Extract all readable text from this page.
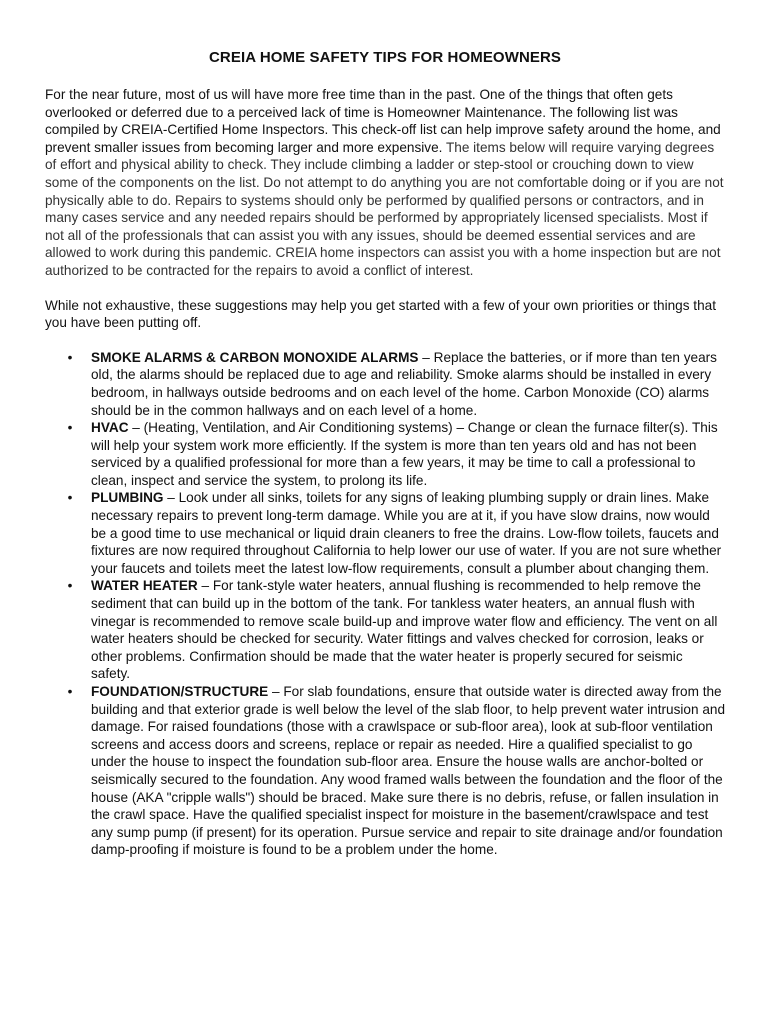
CREIA HOME SAFETY TIPS FOR HOMEOWNERS

For the near future, most of us will have more free time than in the past. One of the things that often gets overlooked or deferred due to a perceived lack of time is Homeowner Maintenance. The following list was compiled by CREIA-Certified Home Inspectors. This check-off list can help improve safety around the home, and prevent smaller issues from becoming larger and more expensive. The items below will require varying degrees of effort and physical ability to check. They include climbing a ladder or step-stool or crouching down to view some of the components on the list. Do not attempt to do anything you are not comfortable doing or if you are not physically able to do. Repairs to systems should only be performed by qualified persons or contractors, and in many cases service and any needed repairs should be performed by appropriately licensed specialists. Most if not all of the professionals that can assist you with any issues, should be deemed essential services and are allowed to work during this pandemic. CREIA home inspectors can assist you with a home inspection but are not authorized to be contracted for the repairs to avoid a conflict of interest.

While not exhaustive, these suggestions may help you get started with a few of your own priorities or things that you have been putting off.

• SMOKE ALARMS & CARBON MONOXIDE ALARMS – Replace the batteries, or if more than ten years old, the alarms should be replaced due to age and reliability. Smoke alarms should be installed in every bedroom, in hallways outside bedrooms and on each level of the home. Carbon Monoxide (CO) alarms should be in the common hallways and on each level of a home.
• HVAC – (Heating, Ventilation, and Air Conditioning systems) – Change or clean the furnace filter(s). This will help your system work more efficiently. If the system is more than ten years old and has not been serviced by a qualified professional for more than a few years, it may be time to call a professional to clean, inspect and service the system, to prolong its life.
• PLUMBING – Look under all sinks, toilets for any signs of leaking plumbing supply or drain lines. Make necessary repairs to prevent long-term damage. While you are at it, if you have slow drains, now would be a good time to use mechanical or liquid drain cleaners to free the drains. Low-flow toilets, faucets and fixtures are now required throughout California to help lower our use of water. If you are not sure whether your faucets and toilets meet the latest low-flow requirements, consult a plumber about changing them.
• WATER HEATER – For tank-style water heaters, annual flushing is recommended to help remove the sediment that can build up in the bottom of the tank. For tankless water heaters, an annual flush with vinegar is recommended to remove scale build-up and improve water flow and efficiency. The vent on all water heaters should be checked for security. Water fittings and valves checked for corrosion, leaks or other problems. Confirmation should be made that the water heater is properly secured for seismic safety.
• FOUNDATION/STRUCTURE – For slab foundations, ensure that outside water is directed away from the building and that exterior grade is well below the level of the slab floor, to help prevent water intrusion and damage. For raised foundations (those with a crawlspace or sub-floor area), look at sub-floor ventilation screens and access doors and screens, replace or repair as needed. Hire a qualified specialist to go under the house to inspect the foundation sub-floor area. Ensure the house walls are anchor-bolted or seismically secured to the foundation. Any wood framed walls between the foundation and the floor of the house (AKA "cripple walls") should be braced. Make sure there is no debris, refuse, or fallen insulation in the crawl space. Have the qualified specialist inspect for moisture in the basement/crawlspace and test any sump pump (if present) for its operation. Pursue service and repair to site drainage and/or foundation damp-proofing if moisture is found to be a problem under the home.
